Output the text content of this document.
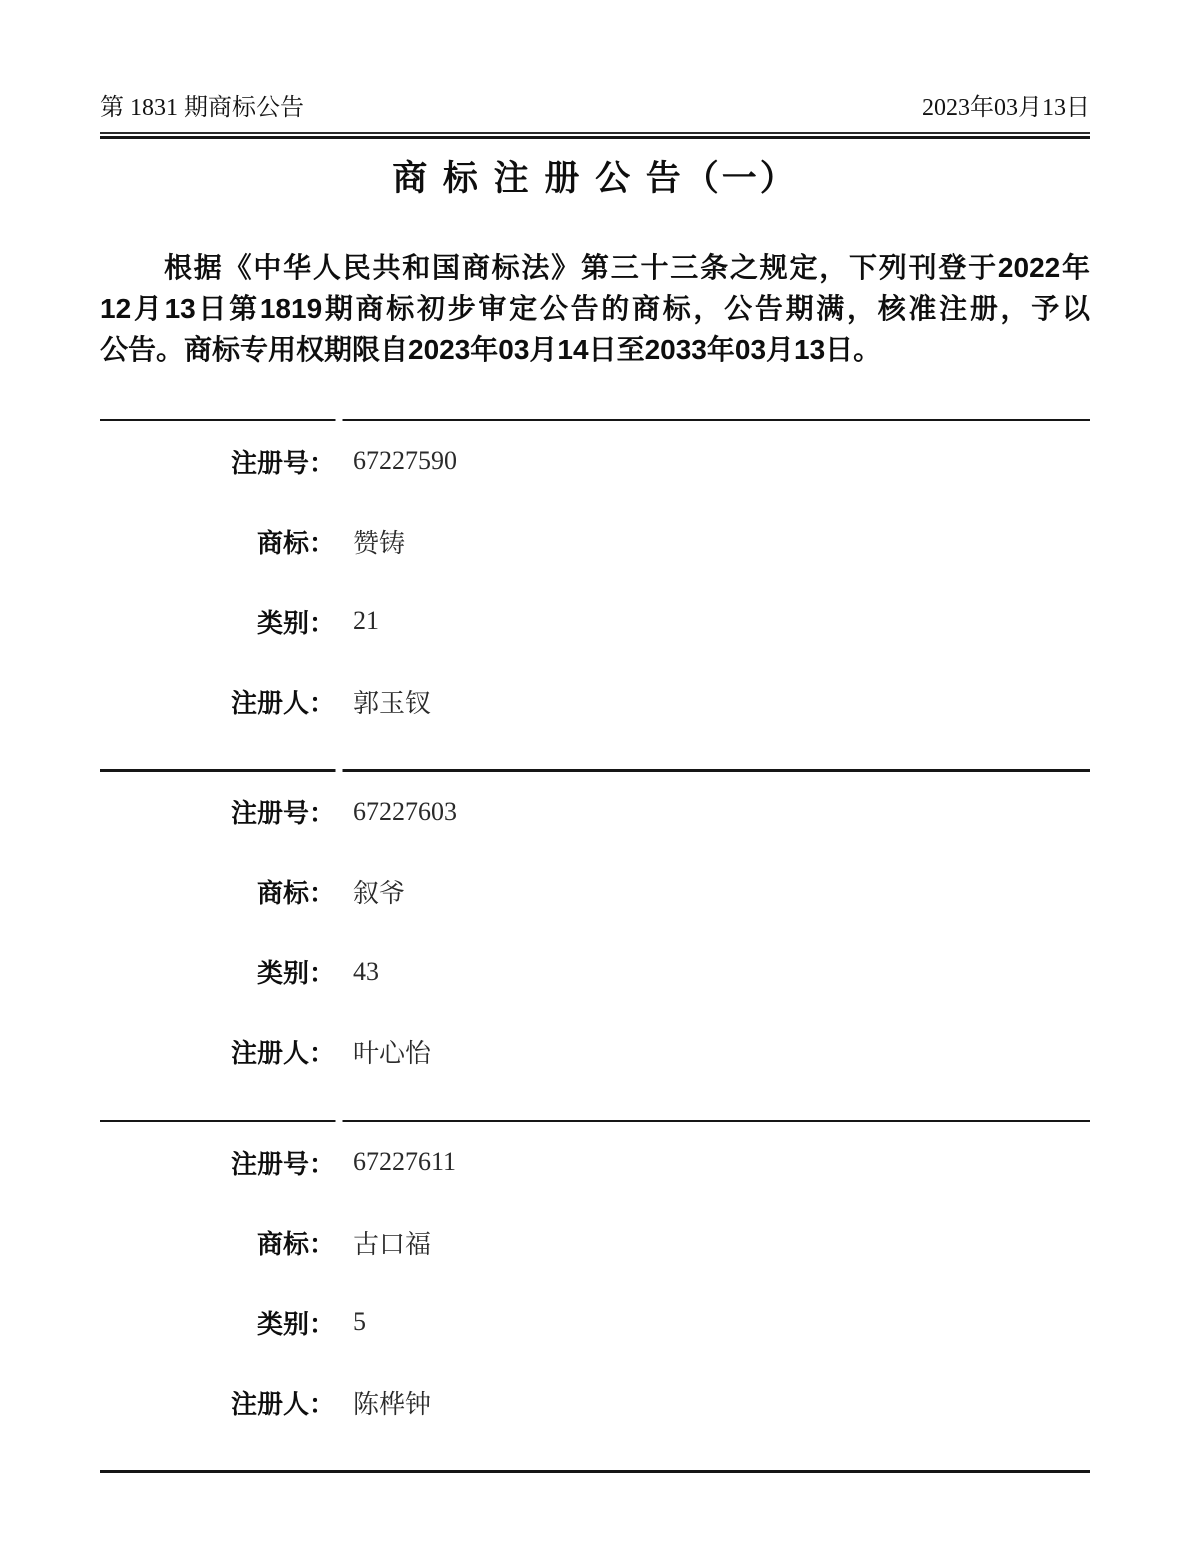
第 1831 期商标公告	2023年03月13日
商 标 注 册 公 告（一）
根据《中华人民共和国商标法》第三十三条之规定，下列刊登于2022年
12月13日第1819期商标初步审定公告的商标，公告期满，核准注册，予以
公告。商标专用权期限自2023年03月14日至2033年03月13日。
注册号： 67227590
商标： 赞铸
类别： 21
注册人： 郭玉钗
注册号： 67227603
商标： 叙爷
类别： 43
注册人： 叶心怡
注册号： 67227611
商标： 古口福
类别： 5
注册人： 陈桦钟
